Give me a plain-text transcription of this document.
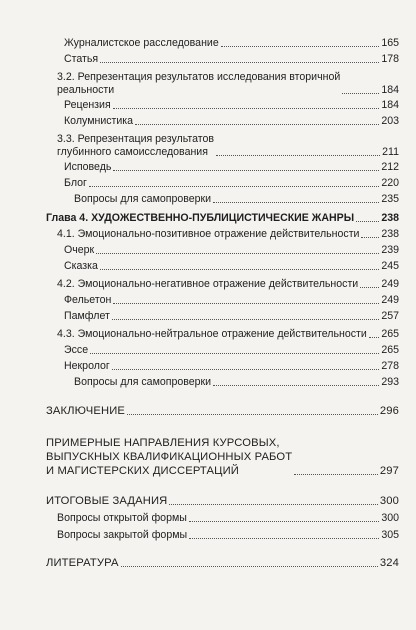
Журналистское расследование	165
Статья	178
3.2. Репрезентация результатов исследования вторичной
реальности	184
Рецензия	184
Колумнистика	203
3.3. Репрезентация результатов
глубинного самоисследования	211
Исповедь	212
Блог	220
Вопросы для самопроверки	235
Глава 4. ХУДОЖЕСТВЕННО-ПУБЛИЦИСТИЧЕСКИЕ ЖАНРЫ	238
4.1. Эмоционально-позитивное отражение действительности 238
Очерк	239
Сказка	245
4.2. Эмоционально-негативное отражение действительности 249
Фельетон	249
Памфлет	257
4.3. Эмоционально-нейтральное отражение действительности 265
Эссе	265
Некролог	278
Вопросы для самопроверки	293
ЗАКЛЮЧЕНИЕ	296
ПРИМЕРНЫЕ НАПРАВЛЕНИЯ КУРСОВЫХ,
ВЫПУСКНЫХ КВАЛИФИКАЦИОННЫХ РАБОТ
И МАГИСТЕРСКИХ ДИССЕРТАЦИЙ	297
ИТОГОВЫЕ ЗАДАНИЯ	300
Вопросы открытой формы	300
Вопросы закрытой формы	305
ЛИТЕРАТУРА	324
